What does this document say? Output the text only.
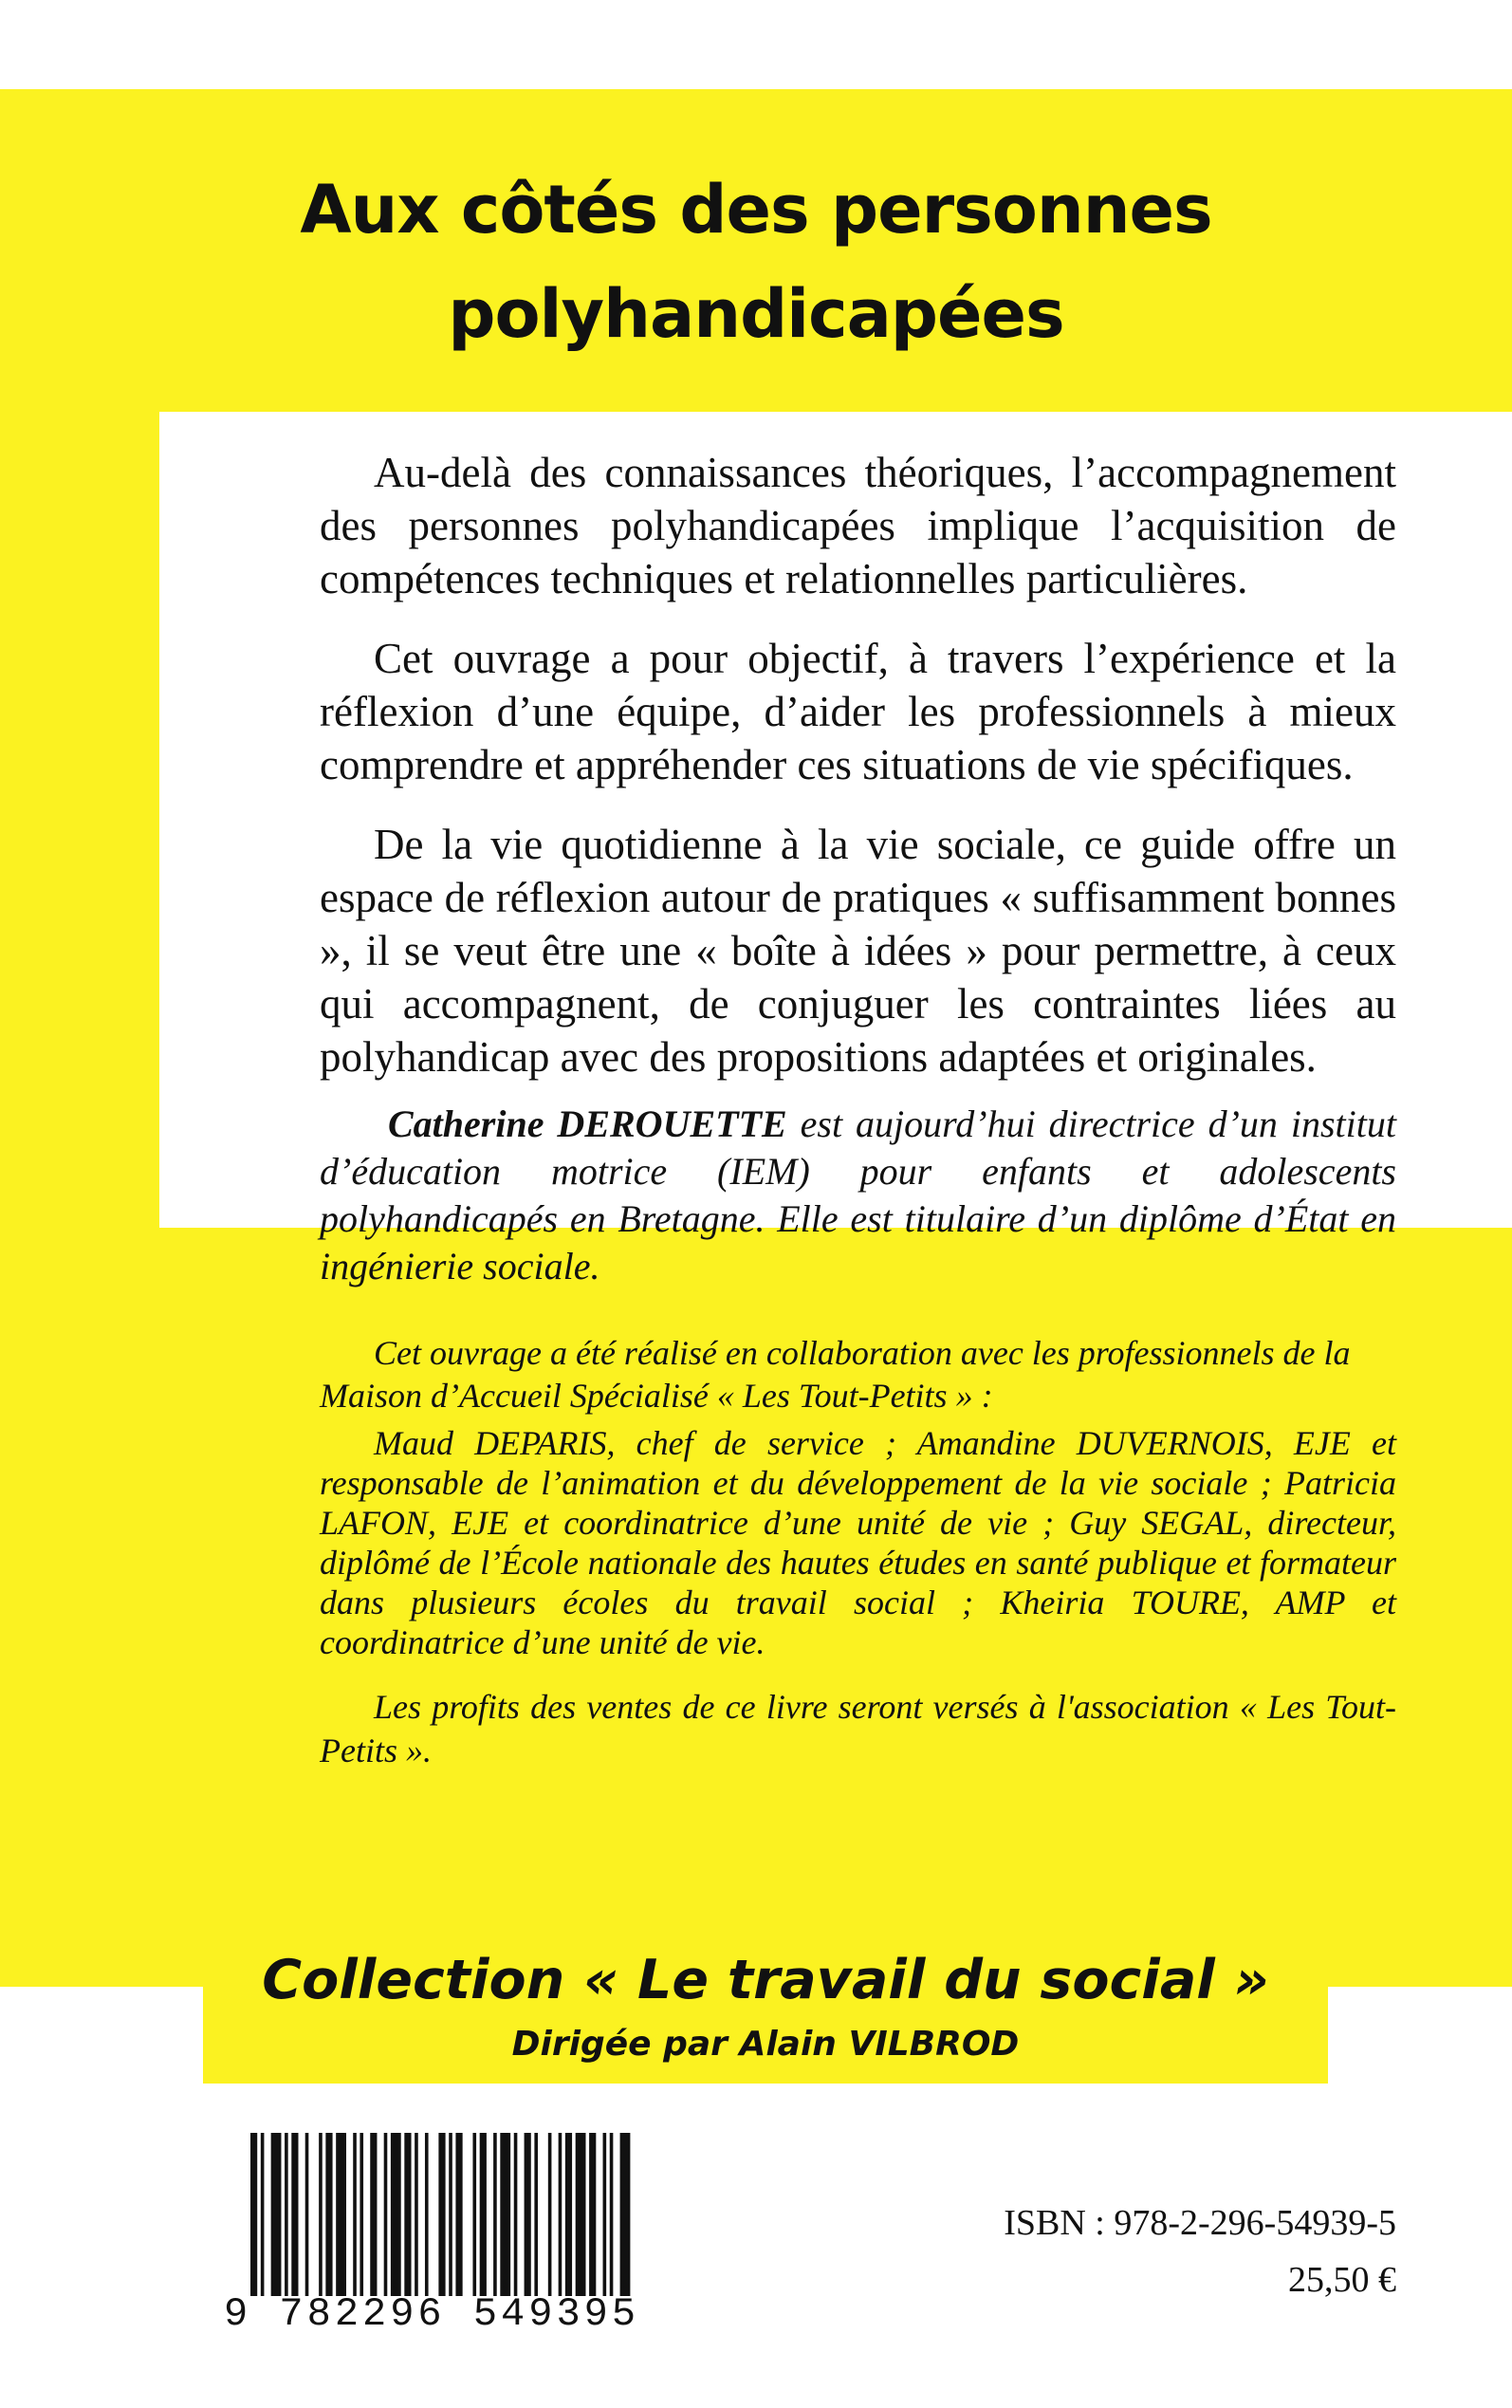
Aux côtés des personnes
polyhandicapées

Au-delà des connaissances théoriques, l’accompagnement des personnes polyhandicapées implique l’acquisition de compétences techniques et relationnelles particulières.

Cet ouvrage a pour objectif, à travers l’expérience et la réflexion d’une équipe, d’aider les professionnels à mieux comprendre et appréhender ces situations de vie spécifiques.

De la vie quotidienne à la vie sociale, ce guide offre un espace de réflexion autour de pratiques « suffisamment bonnes », il se veut être une « boîte à idées » pour permettre, à ceux qui accompagnent, de conjuguer les contraintes liées au polyhandicap avec des propositions adaptées et originales.

Catherine DEROUETTE est aujourd’hui directrice d’un institut d’éducation motrice (IEM) pour enfants et adolescents polyhandicapés en Bretagne. Elle est titulaire d’un diplôme d’État en ingénierie sociale.

Cet ouvrage a été réalisé en collaboration avec les professionnels de la Maison d’Accueil Spécialisé « Les Tout-Petits » :

Maud DEPARIS, chef de service ; Amandine DUVERNOIS, EJE et responsable de l’animation et du développement de la vie sociale ; Patricia LAFON, EJE et coordinatrice d’une unité de vie ; Guy SEGAL, directeur, diplômé de l’École nationale des hautes études en santé publique et formateur dans plusieurs écoles du travail social ; Kheiria TOURE, AMP et coordinatrice d’une unité de vie.

Les profits des ventes de ce livre seront versés à l'association « Les Tout-Petits ».

Collection « Le travail du social »

Dirigée par Alain VILBROD

9 782296 549395

ISBN : 978-2-296-54939-5

25,50 €
